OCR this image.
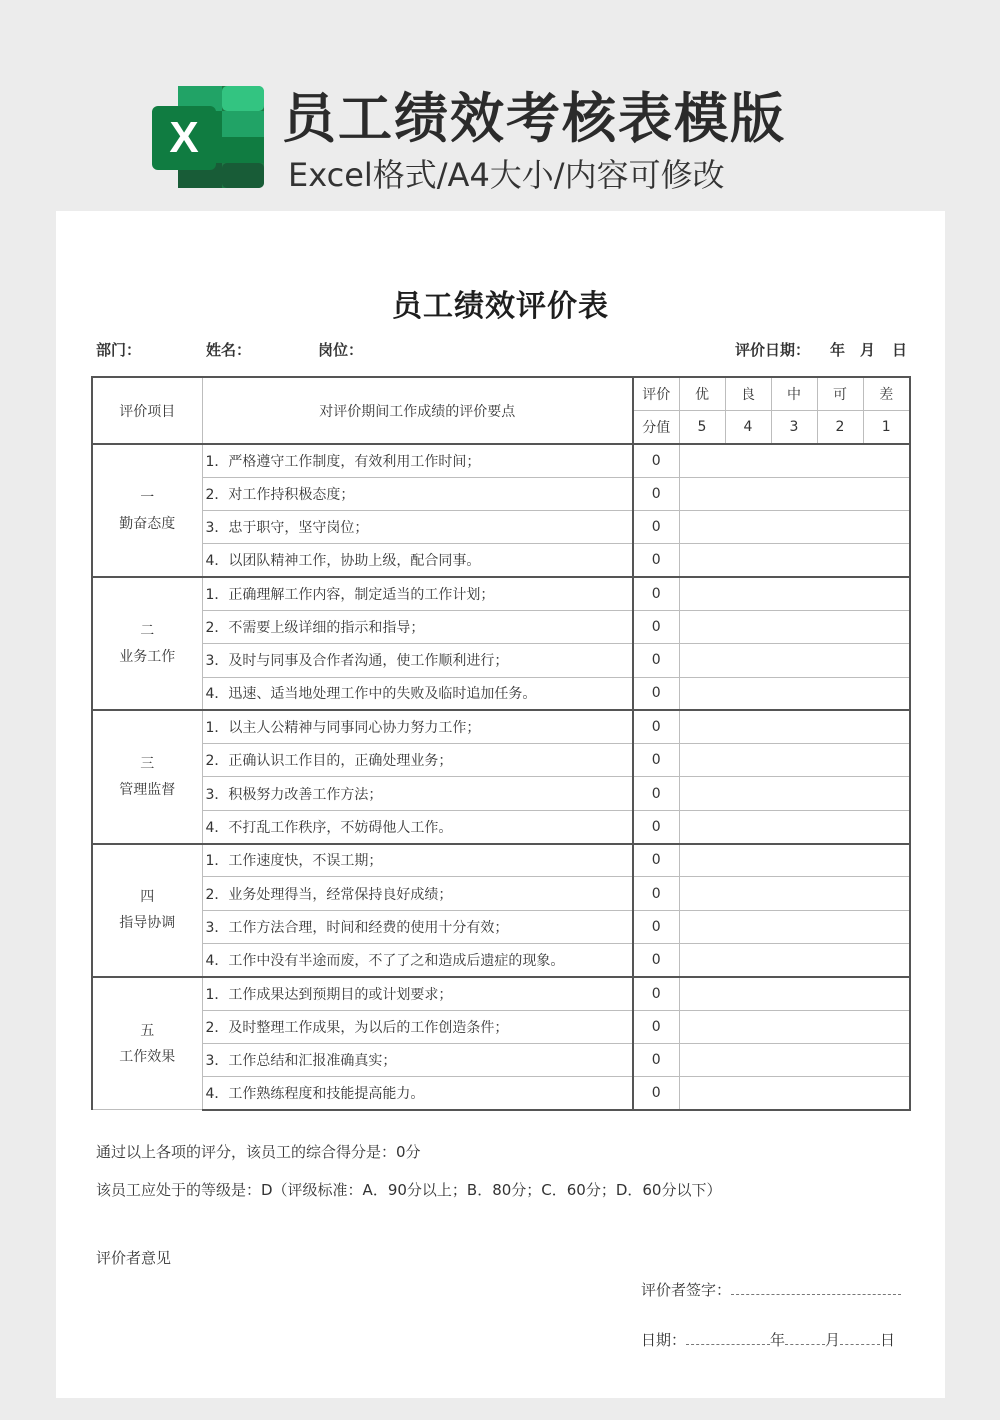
X 员工绩效考核表模版
Excel格式/A4大小/内容可修改
员工绩效评价表
部门：	姓名：	岗位：	评价日期： 年 月 日
评价项目	对评价期间工作成绩的评价要点	评价	优	良	中	可	差
		分值	5	4	3	2	1

一
勤奋态度	1．严格遵守工作制度，有效利用工作时间；	0					
	2．对工作持积极态度；	0					
	3．忠于职守，坚守岗位；	0					
	4．以团队精神工作，协助上级，配合同事。	0					

二
业务工作	1．正确理解工作内容，制定适当的工作计划；	0					
	2．不需要上级详细的指示和指导；	0					
	3．及时与同事及合作者沟通，使工作顺利进行；	0					
	4．迅速、适当地处理工作中的失败及临时追加任务。	0					

三
管理监督	1．以主人公精神与同事同心协力努力工作；	0					
	2．正确认识工作目的，正确处理业务；	0					
	3．积极努力改善工作方法；	0					
	4．不打乱工作秩序，不妨碍他人工作。	0					

四
指导协调	1．工作速度快，不误工期；	0					
	2．业务处理得当，经常保持良好成绩；	0					
	3．工作方法合理，时间和经费的使用十分有效；	0					
	4．工作中没有半途而废，不了了之和造成后遗症的现象。	0					

五
工作效果	1．工作成果达到预期目的或计划要求；	0					
	2．及时整理工作成果，为以后的工作创造条件；	0					
	3．工作总结和汇报准确真实；	0					
	4．工作熟练程度和技能提高能力。	0					
通过以上各项的评分，该员工的综合得分是：0分
该员工应处于的等级是：D（评级标准：A．90分以上；B．80分；C．60分；D．60分以下）
评价者意见
评价者签字：
日期：	年	月	日
